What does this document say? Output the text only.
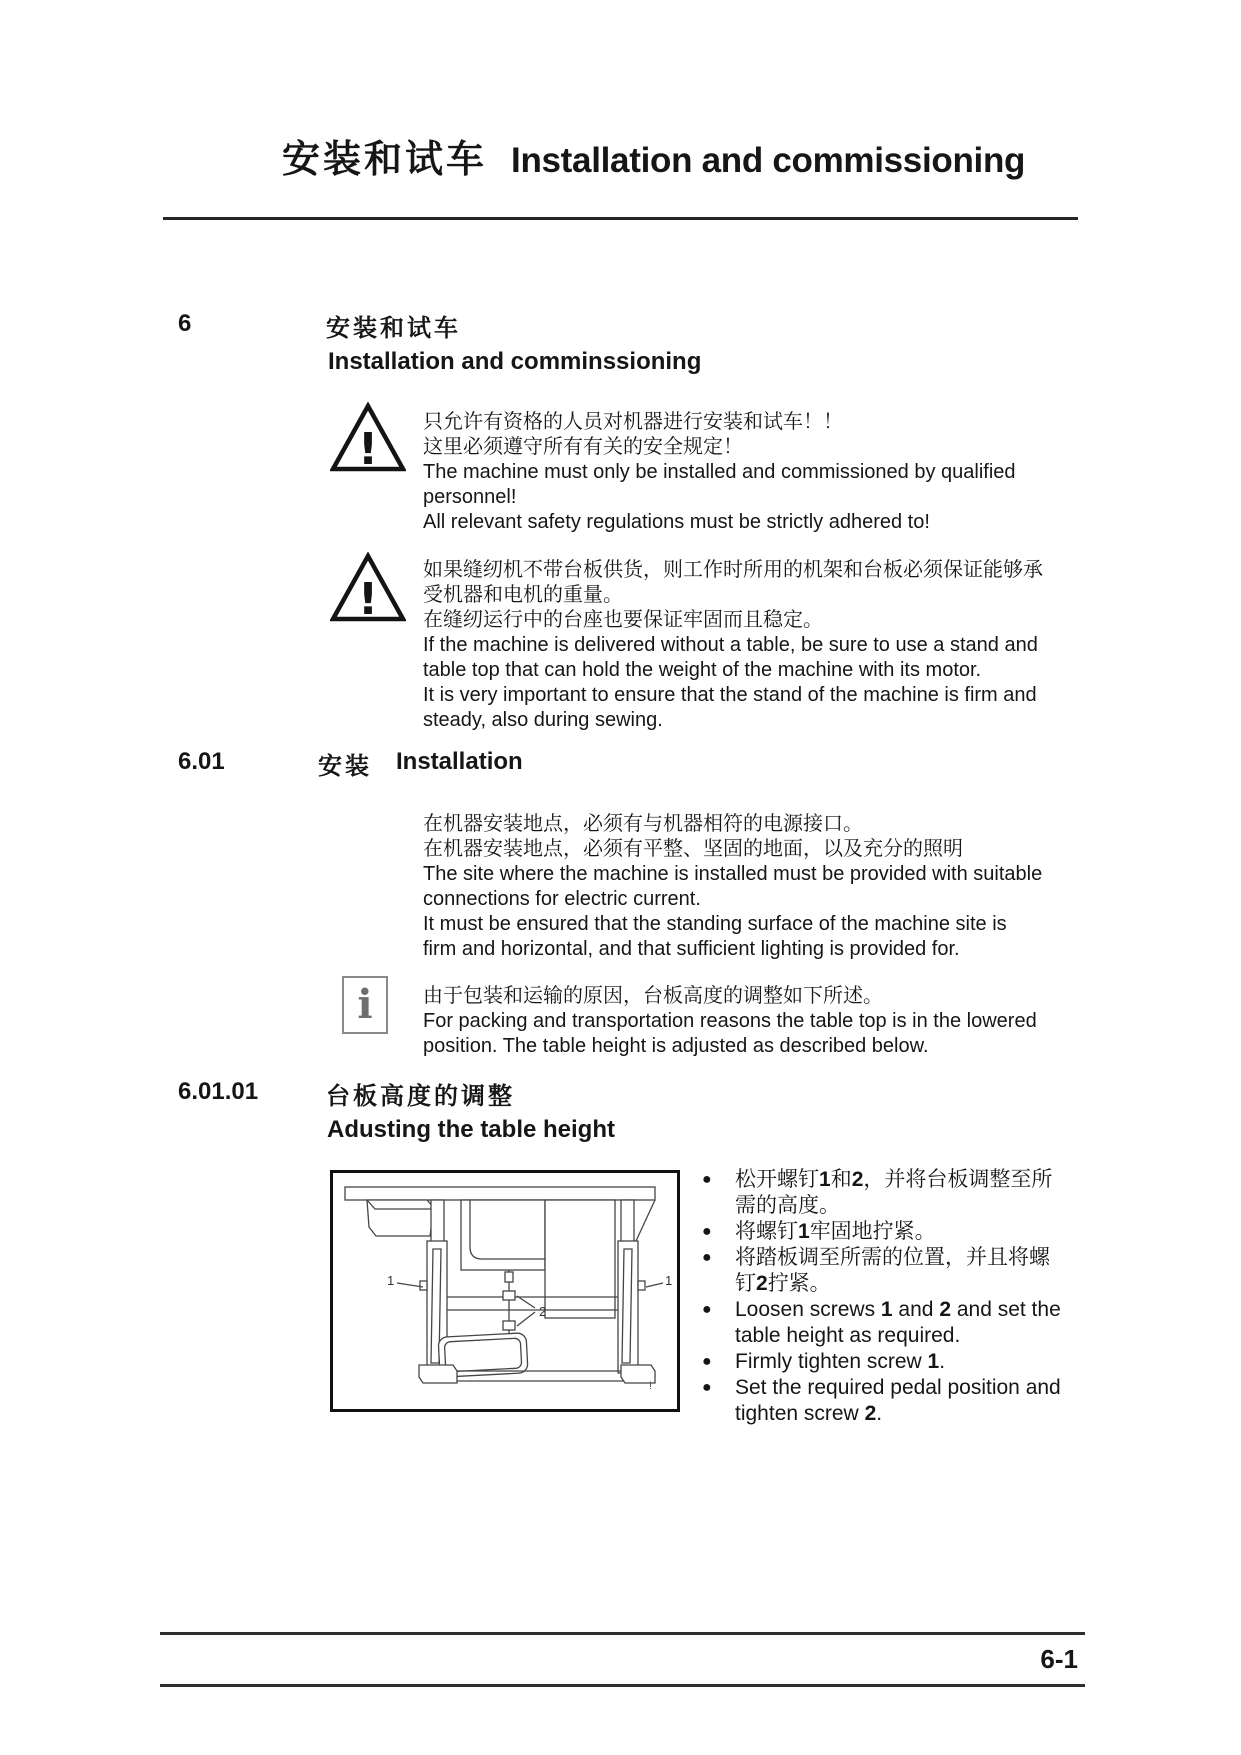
安装和试车 Installation and commissioning
6	安装和试车
Installation and comminssioning
!
只允许有资格的人员对机器进行安装和试车！！
这里必须遵守所有有关的安全规定！
The machine must only be installed and commissioned by qualified
personnel!
All relevant safety regulations must be strictly adhered to!
!
如果缝纫机不带台板供货，则工作时所用的机架和台板必须保证能够承
受机器和电机的重量。
在缝纫运行中的台座也要保证牢固而且稳定。
If the machine is delivered without a table, be sure to use a stand and
table top that can hold the weight of the machine with its motor.
It is very important to ensure that the stand of the machine is firm and
steady, also during sewing.
6.01	安装 Installation
在机器安装地点，必须有与机器相符的电源接口。
在机器安装地点，必须有平整、坚固的地面，以及充分的照明
The site where the machine is installed must be provided with suitable
connections for electric current.
It must be ensured that the standing surface of the machine site is
firm and horizontal, and that sufficient lighting is provided for.
i	由于包装和运输的原因，台板高度的调整如下所述。
For packing and transportation reasons the table top is in the lowered
position. The table height is adjusted as described below.
6.01.01	台板高度的调整
Adusting the table height
1	1
2
!
●	松开螺钉1和2，并将台板调整至所
需的高度。
●	将螺钉1牢固地拧紧。
●	将踏板调至所需的位置，并且将螺
钉2拧紧。
●	Loosen screws 1 and 2 and set the
table height as required.
●	Firmly tighten screw 1.
●	Set the required pedal position and
tighten screw 2.
6-1
